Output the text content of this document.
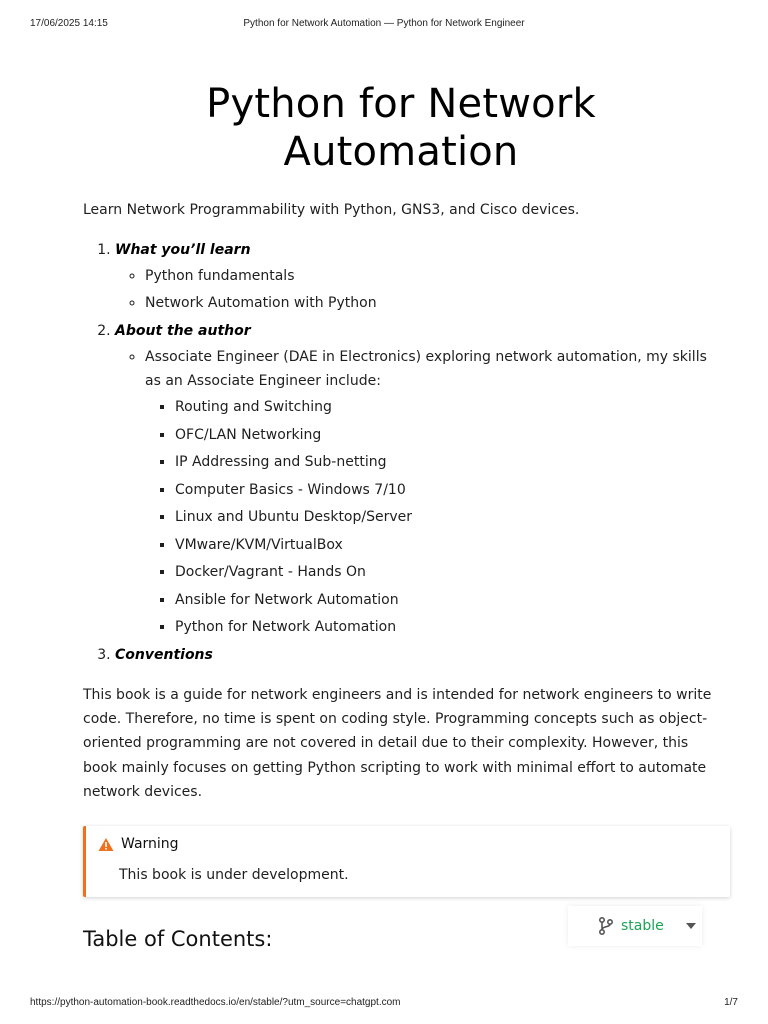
17/06/2025 14:15	Python for Network Automation — Python for Network Engineer
Python for Network
Automation

Learn Network Programmability with Python, GNS3, and Cisco devices.

1. What you’ll learn
◦ Python fundamentals
◦ Network Automation with Python
2. About the author
◦ Associate Engineer (DAE in Electronics) exploring network automation, my skills as an Associate Engineer include:
▪ Routing and Switching
▪ OFC/LAN Networking
▪ IP Addressing and Sub-netting
▪ Computer Basics - Windows 7/10
▪ Linux and Ubuntu Desktop/Server
▪ VMware/KVM/VirtualBox
▪ Docker/Vagrant - Hands On
▪ Ansible for Network Automation
▪ Python for Network Automation
3. Conventions

This book is a guide for network engineers and is intended for network engineers to write code. Therefore, no time is spent on coding style. Programming concepts such as object-oriented programming are not covered in detail due to their complexity. However, this book mainly focuses on getting Python scripting to work with minimal effort to automate network devices.

Warning
This book is under development.
Table of Contents:
stable
https://python-automation-book.readthedocs.io/en/stable/?utm_source=chatgpt.com	1/7
